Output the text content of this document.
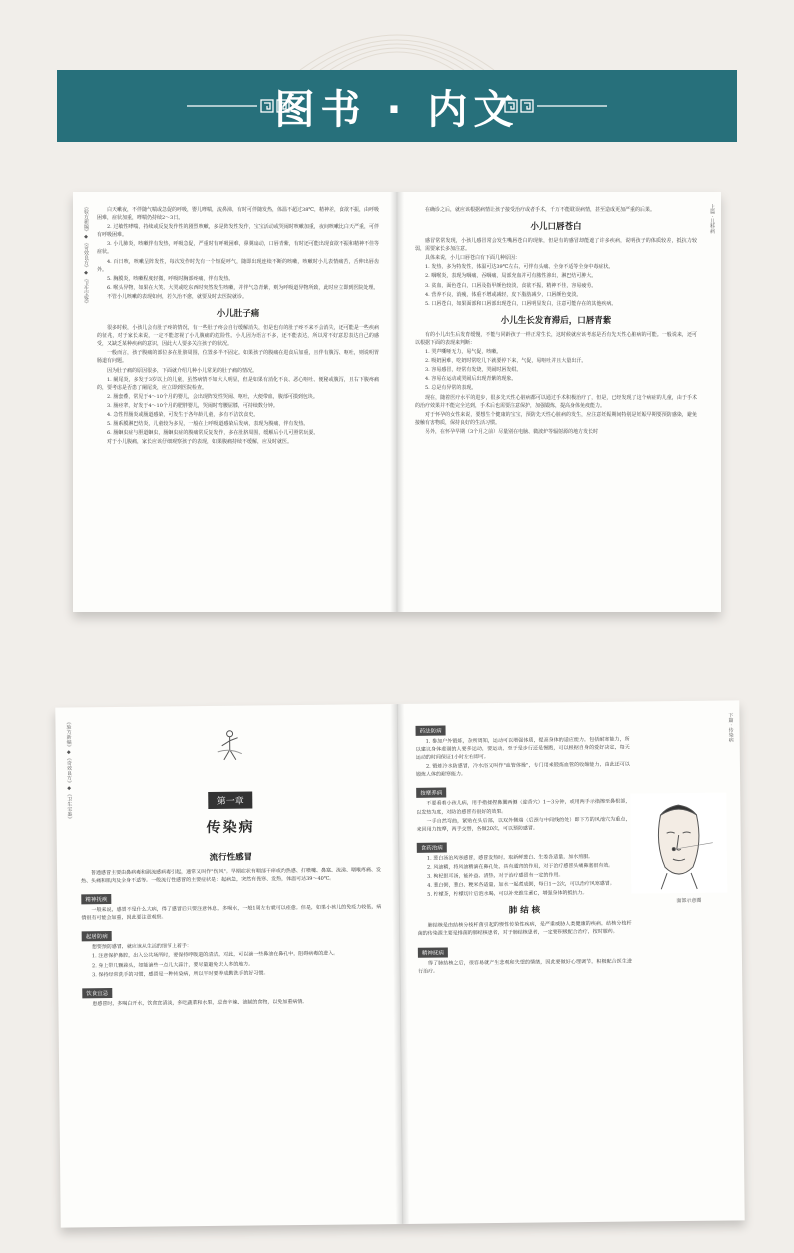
图书 · 内文
《验方新编》◆《奇效良方》◆《卫生宝鉴》	白天嗽夜，不伴随气喘或急促的呼吸，婴儿哮喘，流鼻涕，有时可伴随发热，体温不超过38℃，精神差，食欲不振，由呼吸困难，症状加重，哮喘仍持续2～3日。
2. 过敏性哮喘，持续或反复发作性的剧烈咳嗽，多是阵发性发作，宝宝活动或哭闹时咳嗽加重，夜间咳嗽比白天严重，可伴有呼吸困难。
3. 小儿肺炎，咳嗽伴有发热，呼吸急促，严重时有呼吸困难，鼻翼扇动，口唇青紫，有时还可能出现食欲不振和精神不佳等症状。
4. 百日咳，咳嗽呈阵发性，每次发作时先有一个短促呼气，随即出现连续不断的咳嗽，咳嗽时小儿表情痛苦，舌伸出唇齿外。
5. 胸膜炎，咳嗽程度轻微，呼吸时胸部疼痛，伴有发热。
6. 喉头异物，如果在大笑、大哭或吃东西时突然发生咳嗽，并伴气急青紫，则为呼吸道异物所致，此时应立即到医院处理。
不管小儿咳嗽的表现如何，若久治不愈，就要及时去医院就诊。
小儿肚子痛
很多时候，小孩儿会有肚子疼的情况，有一些肚子疼会自行缓解消失，但是也有的肚子疼不来不会消失，还可能是一些疾病的征兆，对于家长来说，一定不能忽视了小儿腹痛的危险性。小儿因为语言不多，还不能表达，所以常不好意思表达自己的感受，又缺乏某种疾病的意识，因此大人要多关注孩子的状况。
一般而言，孩子腹痛的部位多在肚脐周围，位置多半不固定。如果孩子的腹痛在进食后加重，且伴有腹泻、呕吐，则说明胃肠道有问题。
因为肚子痛的原因很多，下面就介绍几种小儿常见的肚子痛的情况。
1. 阑尾炎，多发于3岁以上的儿童，虽然病情不如大人明显，但是如果有消化不良、恶心呕吐、便秘或腹泻，且右下腹疼痛的，要考虑是否患了阑尾炎，应立即到医院检查。
2. 肠套叠，常见于4～10个月的婴儿，会出现阵发性哭闹、呕吐，大便带血，腹部可摸到包块。
3. 肠痉挛，好发于4～10个月的肥胖婴儿，哭闹时弯腰屈膝，可持续数分钟。
4. 急性胃肠炎或肠道感染，可发生于各年龄儿童，多有不洁饮食史。
5. 肠系膜淋巴结炎，儿童较为多见，一般在上呼吸道感染后发病，表现为腹痛，伴有发热。
6. 肠蛔虫症与胆道蛔虫，肠蛔虫症的腹痛常反复发作，多在肚脐周围，缓解后小儿可照常玩耍。
对于小儿腹痛，家长应该仔细观察孩子的表现，如果腹痛持续不缓解，应及时就医。
上篇 · 儿科病
在确诊之后，就应该根据病情让孩子接受治疗或者手术，千万不能耽误病情，甚至造成更加严重的后果。
小儿口唇苍白
感冒常常发现，小孩儿感冒常会发生嘴唇苍白的现象，但是有的感冒却能遮了许多疾病，说明孩子的体质较差，抵抗力较弱，需要家长多加注意。
具体来说，小儿口唇苍白有下面几种原因：
1. 发热，多为特发性，体温可达39℃左右，可伴有头痛、全身不适等全身中毒症状。
2. 咽喉炎，表现为咽痛，吞咽痛，局部充血并可有脓性渗出，淋巴结可肿大。
3. 贫血，面色苍白，口唇及指甲颜色较淡，食欲不振，精神不佳，容易疲劳。
4. 营养不良，消瘦，体重不增或减轻，皮下脂肪减少，口唇颜色变淡。
5. 口唇苍白，如果面部和口唇部出现苍白，口唇明显发白，注意可能存在的其他疾病。
小儿生长发育滞后，口唇青紫
有的小儿出生后发育缓慢，不能与同龄孩子一样正常生长，这时候就应该考虑是否有先天性心脏病的可能。一般说来，还可以根据下面的表现来判断：
1. 哭声嘶哑无力，易气促，咳嗽。
2. 吸奶困难，吃奶时常吃几下就要停下来，气促，易呕吐并且大量出汗。
3. 容易感冒，经常有发烧，哭闹时唇发绀。
4. 容易在运动或哭闹后出现青紫的现象。
5. 总是有异常的表现。
现在，随着医疗水平的进步，很多先天性心脏病都可以通过手术积极治疗了，但是，已经发现了这个病症的儿童，由于手术的治疗效果并不能完全达到，手术后也需要注意保护，加强锻炼，提高身体免疫能力。
对于怀孕的女性来说，要想生个健康的宝宝，预防先天性心脏病的发生，应注意妊娠期间特别是妊娠早期要预防感染，避免接触有害物质，保持良好的生活习惯。
另外，在怀孕早期（3个月之前）尽量别在电脑、微波炉等辐射源的地方发长时
《验方新编》◆《奇效良方》◆《卫生宝鉴》	第一章
传染病
流行性感冒
普通感冒主要由鼻病毒和副流感病毒引起，通常又叫作"伤风"。早期症状有咽部干痒或灼热感、打喷嚏、鼻塞、流涕、咽喉疼痛、发热、头痛和肌肉及全身不适等。一般流行性感冒的主要症状是：起病急，突然有畏寒、发热，体温可达39～40℃。
精神抚疾
一般来说，感冒不是什么大病，得了感冒后只要注意休息，多喝水，一般1周左右就可以痊愈。但是，如果小孩儿的免疫力较低，病情很有可能会加重，因此要注意观察。
起居防病
想要预防感冒，就应该从生活的细节上着手：
1. 注意保护鼻腔，出入公共场所时，要保持呼吸道的清洁，对此，可以滴一些鼻油在鼻孔中，阻碍病毒的进入。
2. 身上带几颗蒜头，如能滴些一点儿大蒜汁，要尽量避免去人多的地方。
3. 保持经常洗手的习惯，感冒是一种传染病，所以平时要养成勤洗手的好习惯。
饮食宜忌
患感冒时，多喝白开水，饮食宜清淡，多吃蔬菜和水果，忌食辛辣、油腻的食物，以免加重病情。
下篇 · 传染病
药法防病
1. 参加户外锻炼，杂所周知，运动可以增强体质，提高身体的适应能力，包括耐寒能力，所以建议身体虚弱的人要多运动，要运动，至于是步行还是慢跑，可以根据自身的爱好决定，每天运动的时间保证1小时左右即可。
2. 锻炼冷水防感冒，冷水浴又叫作"血管体操"，专门用来锻炼血管的收缩能力，由此还可以锻炼人体的耐寒能力。
按摩养病
不要看着小孩儿病，用手指揉捏鼻翼两侧（迎香穴）1～3分钟，或用两手示指擦至鼻根部，以发热为度，对防治感冒有很好的效果。
一手自然弯曲，紧贴在头后部，以双外侧端（后颈与中间线的处）即下方的风池穴为重点，来回用力按摩，两手交替，各做20次，可以预防感冒。
食药治病
1. 葱白汤治风寒感冒，感冒发热时，取新鲜葱白、生姜各适量，加水煎服。
2. 风油精，将风油精滴在鼻孔处，具有通窍的作用，对于治疗感冒头痛鼻塞很有效。
3. 枸杞银耳汤，能补益、清热，对于治疗感冒有一定的作用。
4. 葱白粥，葱白、粳米各适量，加水一起煮成粥，每日1～2次，可以治疗风寒感冒。
5. 柠檬茶，柠檬切片后泡水喝，可以补充维生素C，增强身体的抵抗力。
肺 结 核
肺结核是由结核分枝杆菌引起的慢性传染性疾病，是严重威胁人类健康的疾病，结核分枝杆菌的传染源主要是排菌的肺结核患者，对于肺结核患者，一定要积极配合治疗，按时服药。
精神抚病
得了肺结核之后，很容易就产生悲观和失望的情绪，因此要做好心理调节，积极配合医生进行治疗。
面部示意图
